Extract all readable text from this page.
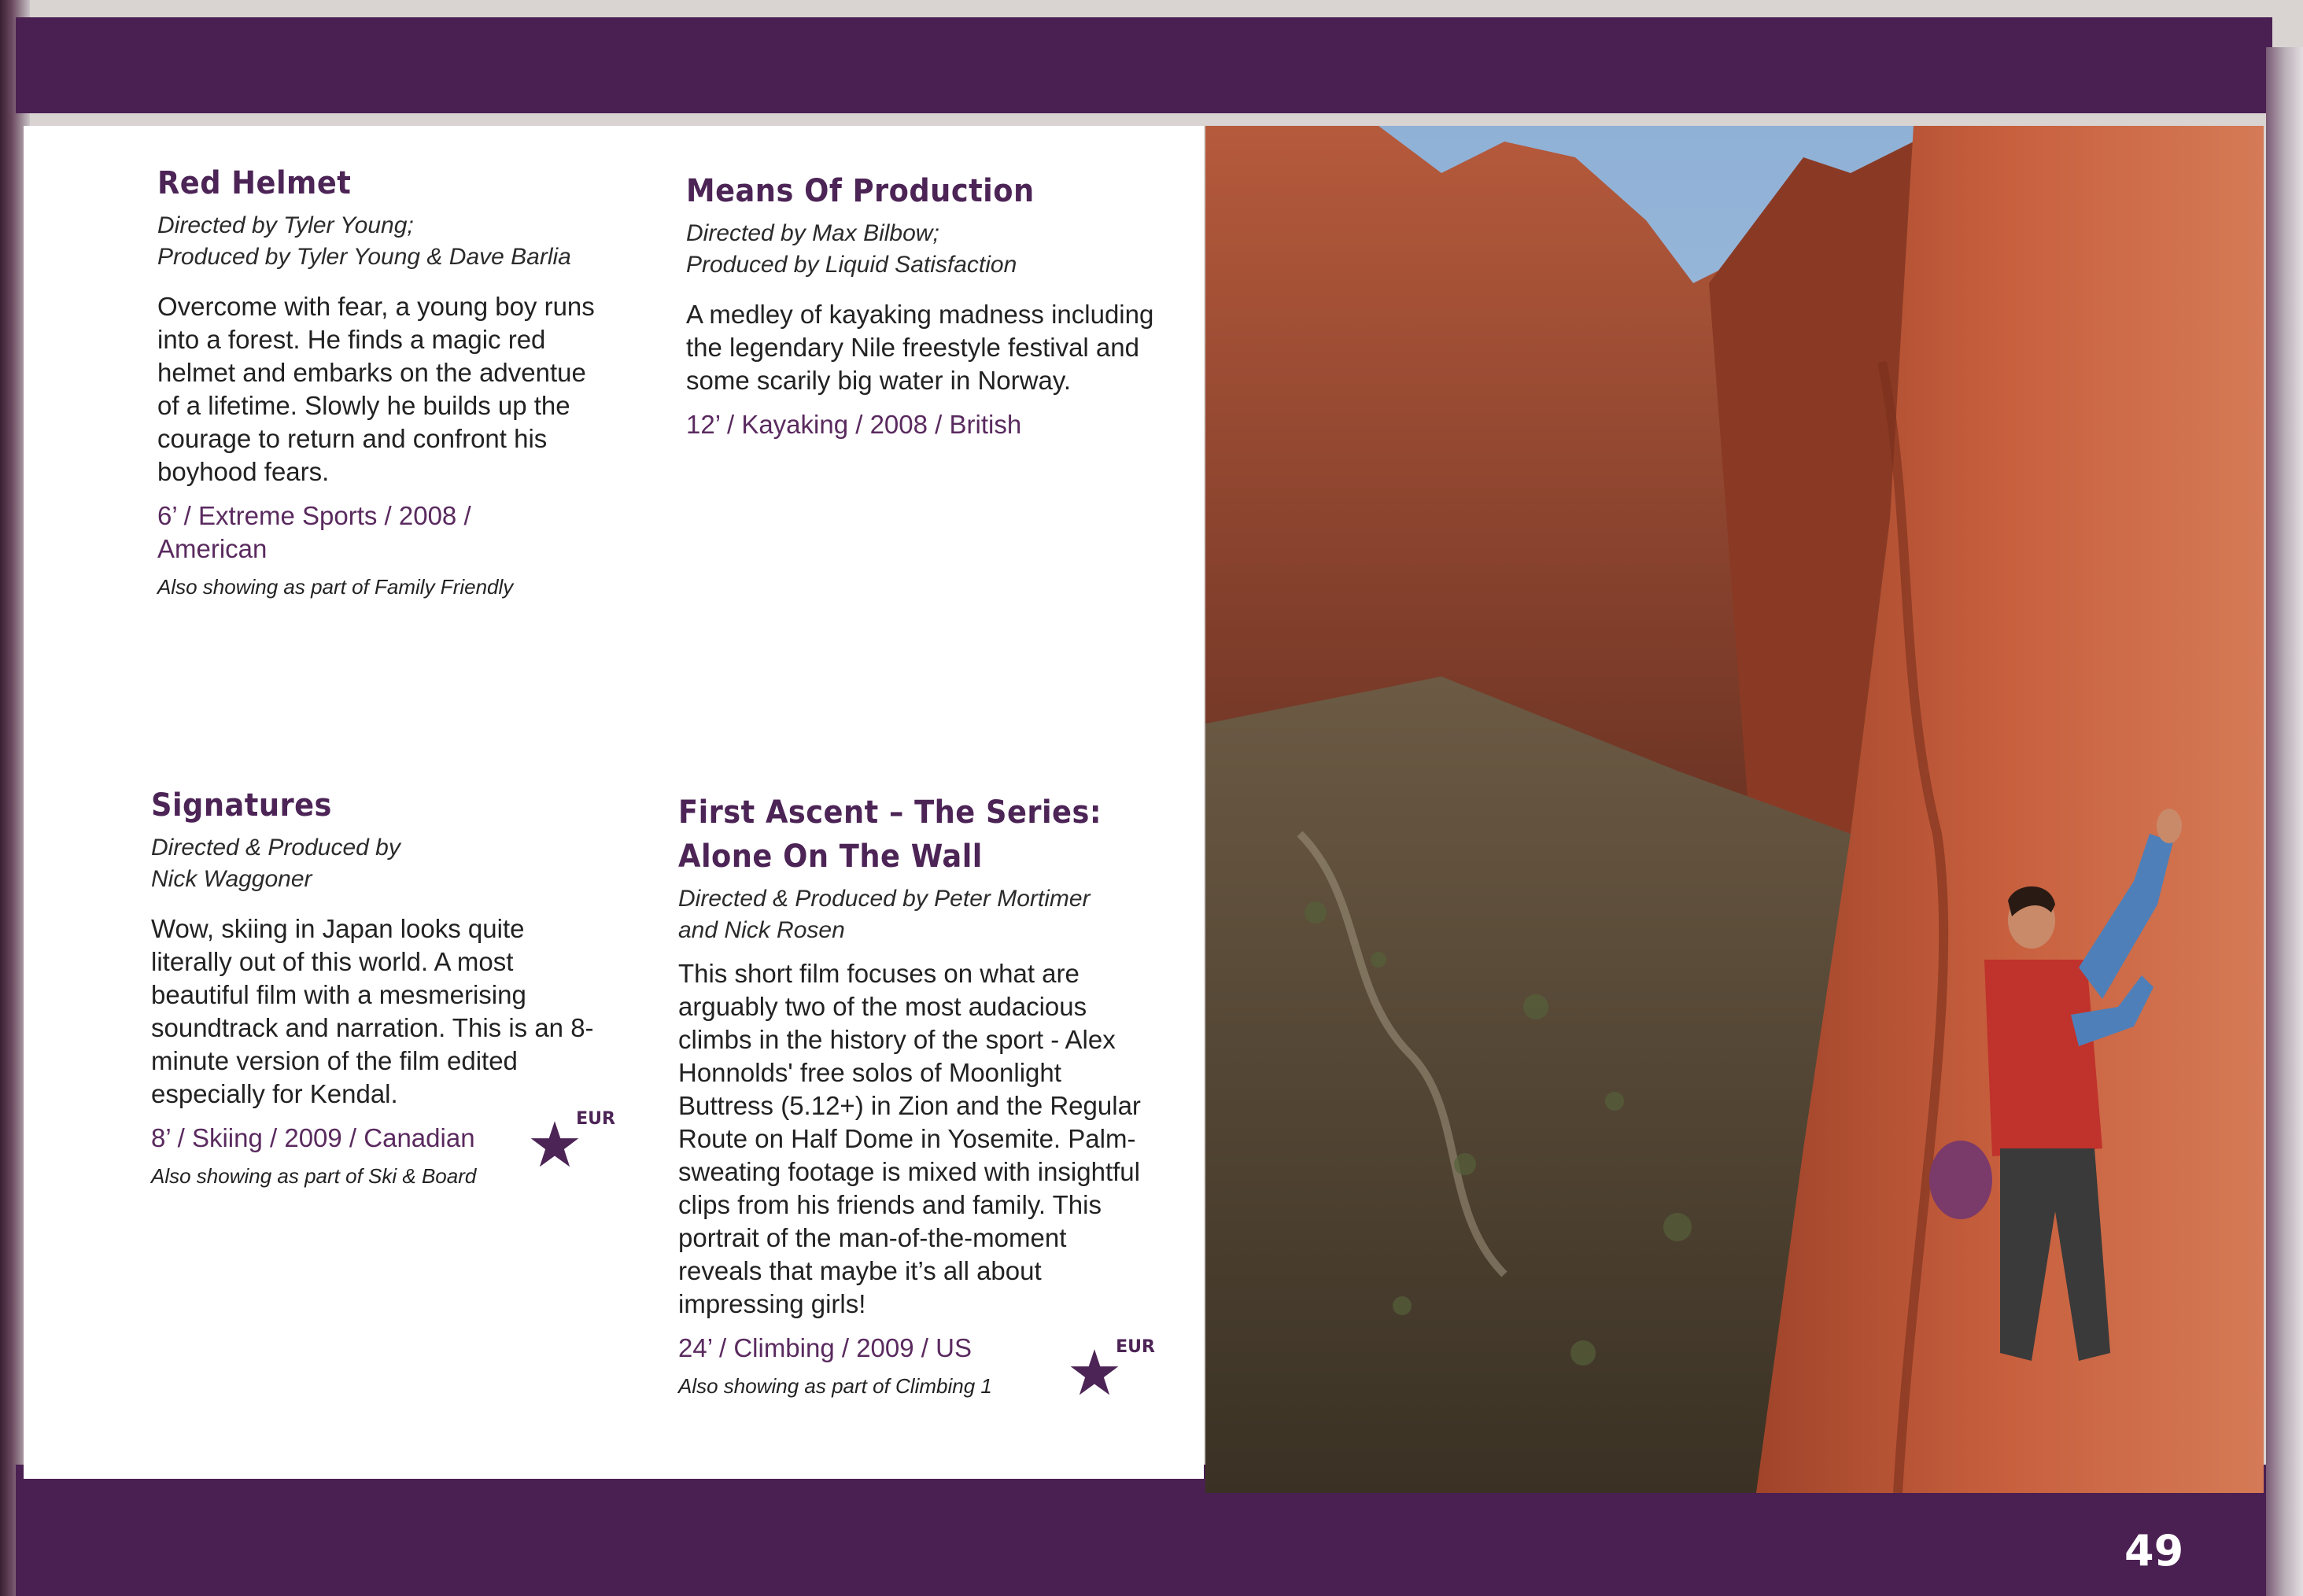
Red Helmet
Directed by Tyler Young;
Produced by Tyler Young & Dave Barlia
Overcome with fear, a young boy runs into a forest. He finds a magic red helmet and embarks on the adventue of a lifetime. Slowly he builds up the courage to return and confront his boyhood fears.
6’ / Extreme Sports / 2008 / American
Also showing as part of Family Friendly
Means Of Production
Directed by Max Bilbow;
Produced by Liquid Satisfaction
A medley of kayaking madness including the legendary Nile freestyle festival and some scarily big water in Norway.
12’ / Kayaking / 2008 / British
Signatures
Directed & Produced by
Nick Waggoner
Wow, skiing in Japan looks quite literally out of this world. A most beautiful film with a mesmerising soundtrack and narration. This is an 8-minute version of the film edited especially for Kendal.
8’ / Skiing / 2009 / Canadian
Also showing as part of Ski & Board
EUR
First Ascent – The Series:
Alone On The Wall
Directed & Produced by Peter Mortimer
and Nick Rosen
This short film focuses on what are arguably two of the most audacious climbs in the history of the sport - Alex Honnolds' free solos of Moonlight Buttress (5.12+) in Zion and the Regular Route on Half Dome in Yosemite. Palm-sweating footage is mixed with insightful clips from his friends and family. This portrait of the man-of-the-moment reveals that maybe it’s all about impressing girls!
24’ / Climbing / 2009 / US
Also showing as part of Climbing 1
EUR
49
